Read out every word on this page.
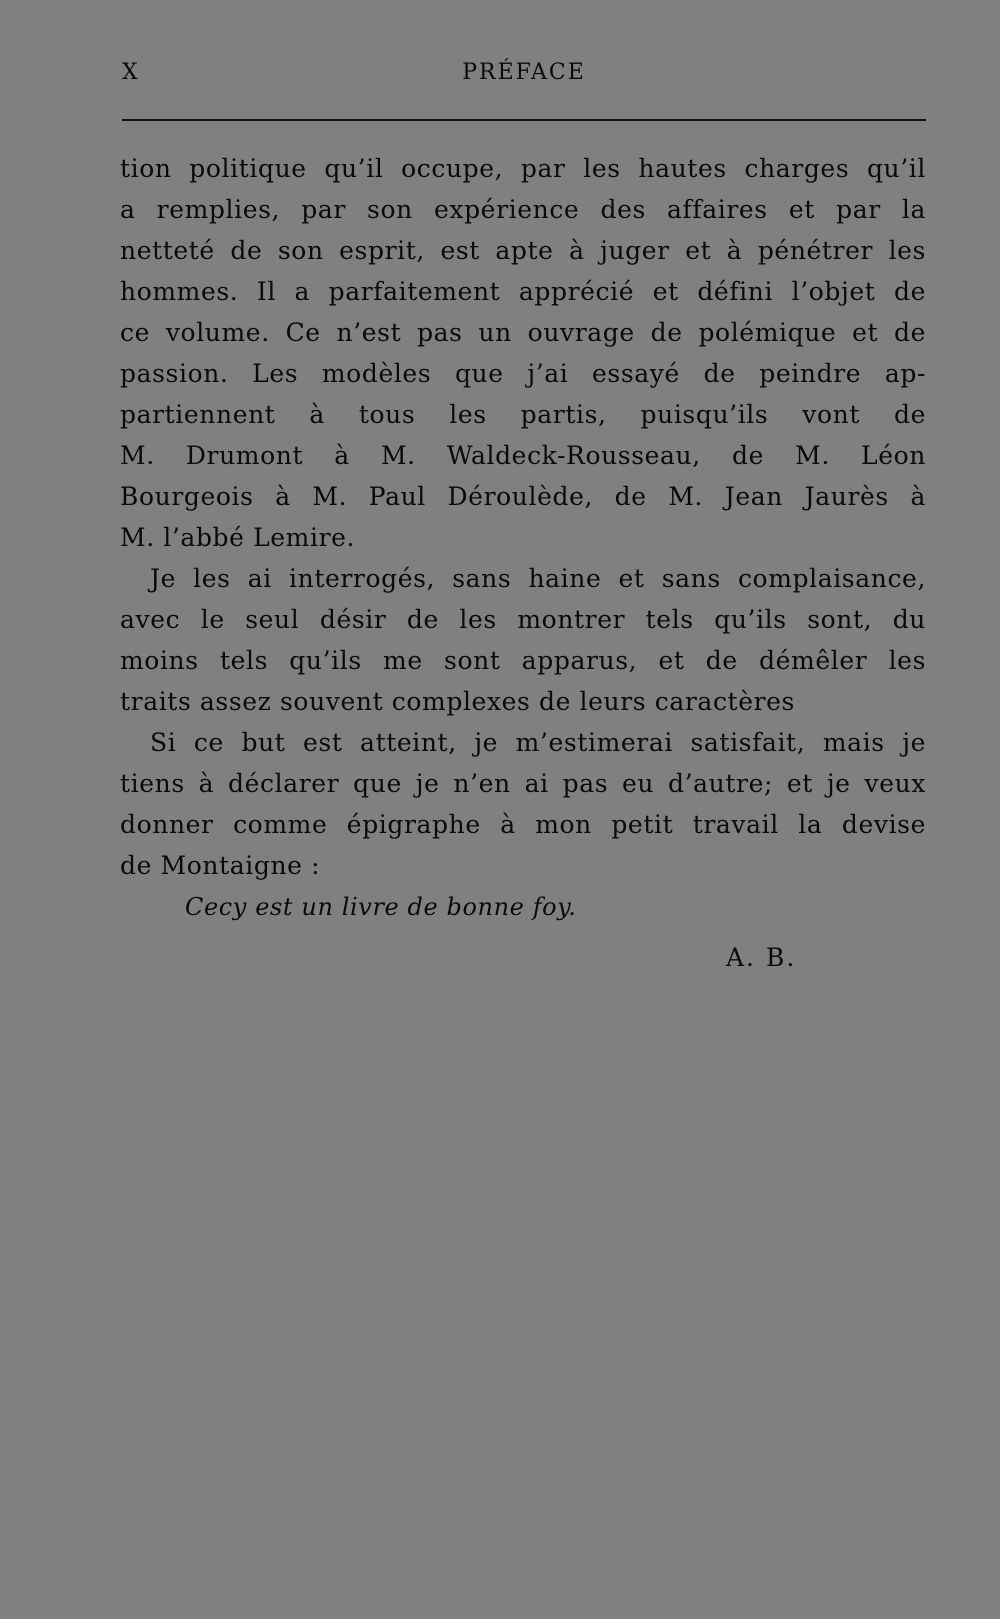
X	PRÉFACE
tion politique qu’il occupe, par les hautes charges qu’il
a remplies, par son expérience des affaires et par la
netteté de son esprit, est apte à juger et à pénétrer les
hommes. Il a parfaitement apprécié et défini l’objet de
ce volume. Ce n’est pas un ouvrage de polémique et de
passion. Les modèles que j’ai essayé de peindre ap-
partiennent à tous les partis, puisqu’ils vont de
M. Drumont à M. Waldeck-Rousseau, de M. Léon
Bourgeois à M. Paul Déroulède, de M. Jean Jaurès à
M. l’abbé Lemire.
Je les ai interrogés, sans haine et sans complaisance,
avec le seul désir de les montrer tels qu’ils sont, du
moins tels qu’ils me sont apparus, et de démêler les
traits assez souvent complexes de leurs caractères
Si ce but est atteint, je m’estimerai satisfait, mais je
tiens à déclarer que je n’en ai pas eu d’autre; et je veux
donner comme épigraphe à mon petit travail la devise
de Montaigne :
Cecy est un livre de bonne foy.
A. B.
